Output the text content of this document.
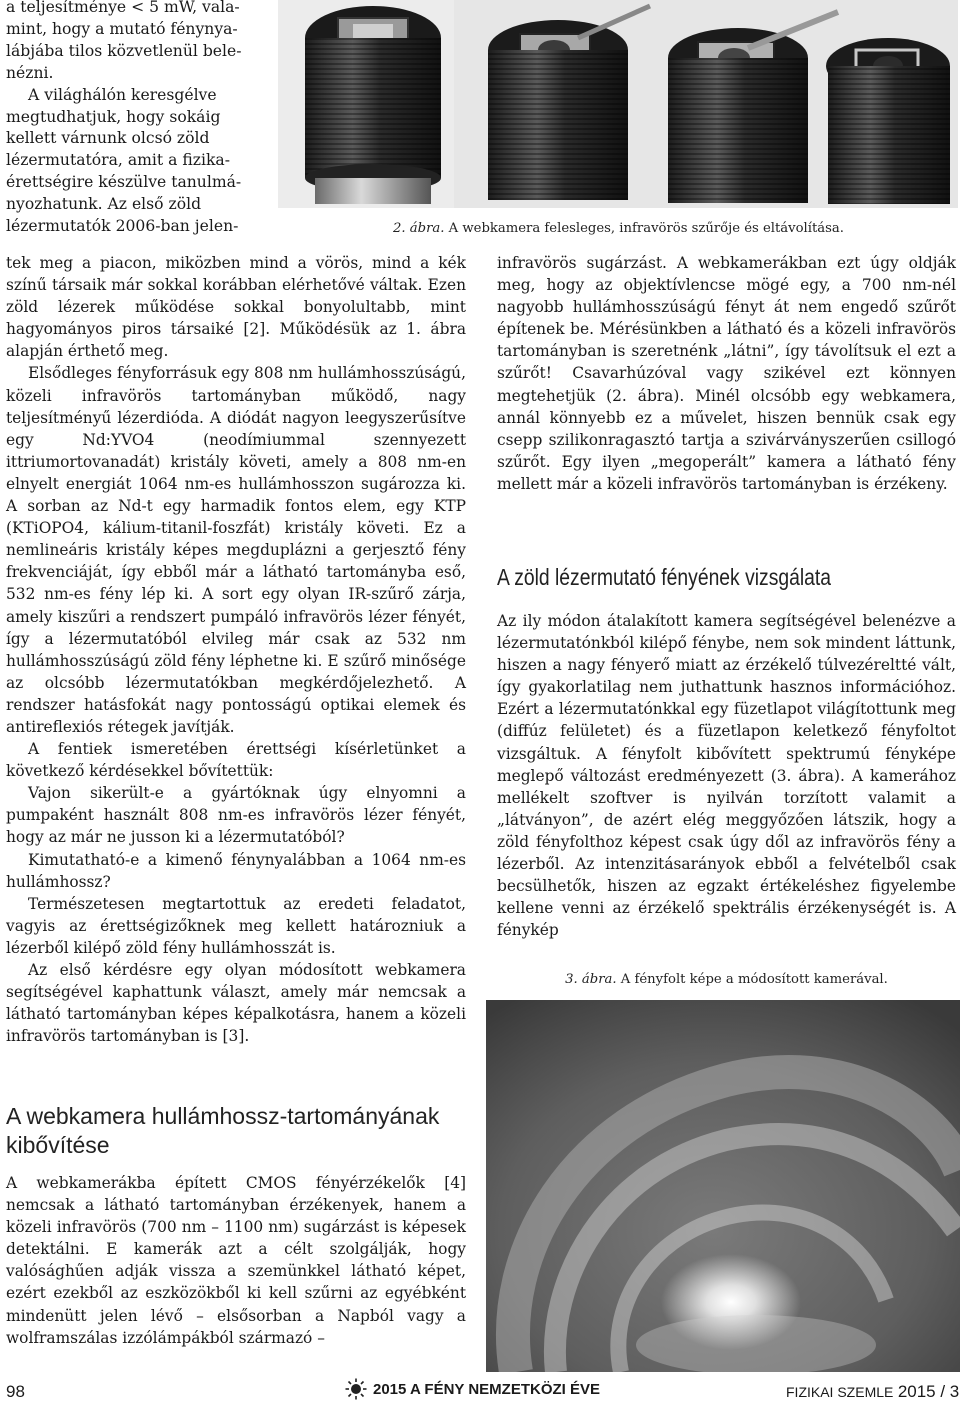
a teljesítménye < 5 mW, vala-
mint, hogy a mutató fénynya-
lábjába tilos közvetlenül bele-
nézni.
A világhálón keresgélve
megtudhatjuk, hogy sokáig
kellett várnunk olcsó zöld
lézermutatóra, amit a fizika-
érettségire készülve tanulmá-
nyozhatunk. Az első zöld
lézermutatók 2006-ban jelen-

tek meg a piacon, miközben mind a vörös, mind a kék színű társaik már sokkal korábban elérhetővé váltak. Ezen zöld lézerek működése sokkal bonyolultabb, mint hagyományos piros társaiké [2]. Működésük az 1. ábra alapján érthető meg.

Elsődleges fényforrásuk egy 808 nm hullámhosszúságú, közeli infravörös tartományban működő, nagy teljesítményű lézerdióda. A diódát nagyon leegyszerűsítve egy Nd:YVO4 (neodímiummal szennyezett ittriumortovanadát) kristály követi, amely a 808 nm-en elnyelt energiát 1064 nm-es hullámhosszon sugározza ki. A sorban az Nd-t egy harmadik fontos elem, egy KTP (KTiOPO4, kálium-titanil-foszfát) kristály követi. Ez a nemlineáris kristály képes megduplázni a gerjesztő fény frekvenciáját, így ebből már a látható tartományba eső, 532 nm-es fény lép ki. A sort egy olyan IR-szűrő zárja, amely kiszűri a rendszert pumpáló infravörös lézer fényét, így a lézermutatóból elvileg már csak az 532 nm hullámhosszúságú zöld fény léphetne ki. E szűrő minősége az olcsóbb lézermutatókban megkérdőjelezhető. A rendszer hatásfokát nagy pontosságú optikai elemek és antireflexiós rétegek javítják.

A fentiek ismeretében érettségi kísérletünket a következő kérdésekkel bővítettük:

Vajon sikerült-e a gyártóknak úgy elnyomni a pumpaként használt 808 nm-es infravörös lézer fényét, hogy az már ne jusson ki a lézermutatóból?

Kimutatható-e a kimenő fénynyalábban a 1064 nm-es hullámhossz?

Természetesen megtartottuk az eredeti feladatot, vagyis az érettségizőknek meg kellett határozniuk a lézerből kilépő zöld fény hullámhosszát is.

Az első kérdésre egy olyan módosított webkamera segítségével kaphattunk választ, amely már nemcsak a látható tartományban képes képalkotásra, hanem a közeli infravörös tartományban is [3].

A webkamera hullámhossz-tartományának kibővítése

A webkamerákba épített CMOS fényérzékelők [4] nemcsak a látható tartományban érzékenyek, hanem a közeli infravörös (700 nm – 1100 nm) sugárzást is képesek detektálni. E kamerák azt a célt szolgálják, hogy valósághűen adják vissza a szemünkkel látható képet, ezért ezekből az eszközökből ki kell szűrni az egyébként mindenütt jelen lévő – elsősorban a Napból vagy a wolframszálas izzólámpákból származó –

2. ábra. A webkamera felesleges, infravörös szűrője és eltávolítása.

infravörös sugárzást. A webkamerákban ezt úgy oldják meg, hogy az objektívlencse mögé egy, a 700 nm-nél nagyobb hullámhosszúságú fényt át nem engedő szűrőt építenek be. Mérésünkben a látható és a közeli infravörös tartományban is szeretnénk „látni”, így távolítsuk el ezt a szűrőt! Csavarhúzóval vagy szikével ezt könnyen megtehetjük (2. ábra). Minél olcsóbb egy webkamera, annál könnyebb ez a művelet, hiszen bennük csak egy csepp szilikonragasztó tartja a szivárványszerűen csillogó szűrőt. Egy ilyen „megoperált” kamera a látható fény mellett már a közeli infravörös tartományban is érzékeny.

A zöld lézermutató fényének vizsgálata

Az ily módon átalakított kamera segítségével belenézve a lézermutatónkból kilépő fénybe, nem sok mindent láttunk, hiszen a nagy fényerő miatt az érzékelő túlvezéreltté vált, így gyakorlatilag nem juthattunk hasznos információhoz. Ezért a lézermutatónkkal egy füzetlapot világítottunk meg (diffúz felületet) és a füzetlapon keletkező fényfoltot vizsgáltuk. A fényfolt kibővített spektrumú fényképe meglepő változást eredményezett (3. ábra). A kamerához mellékelt szoftver is nyilván torzított valamit a „látványon”, de azért elég meggyőzően látszik, hogy a zöld fényfolthoz képest csak úgy dől az infravörös fény a lézerből. Az intenzitásarányok ebből a felvételből csak becsülhetők, hiszen az egzakt értékeléshez figyelembe kellene venni az érzékelő spektrális érzékenységét is. A fénykép

3. ábra. A fényfolt képe a módosított kamerával.
98	2015 A FÉNY NEMZETKÖZI ÉVE	FIZIKAI SZEMLE 2015 / 3
